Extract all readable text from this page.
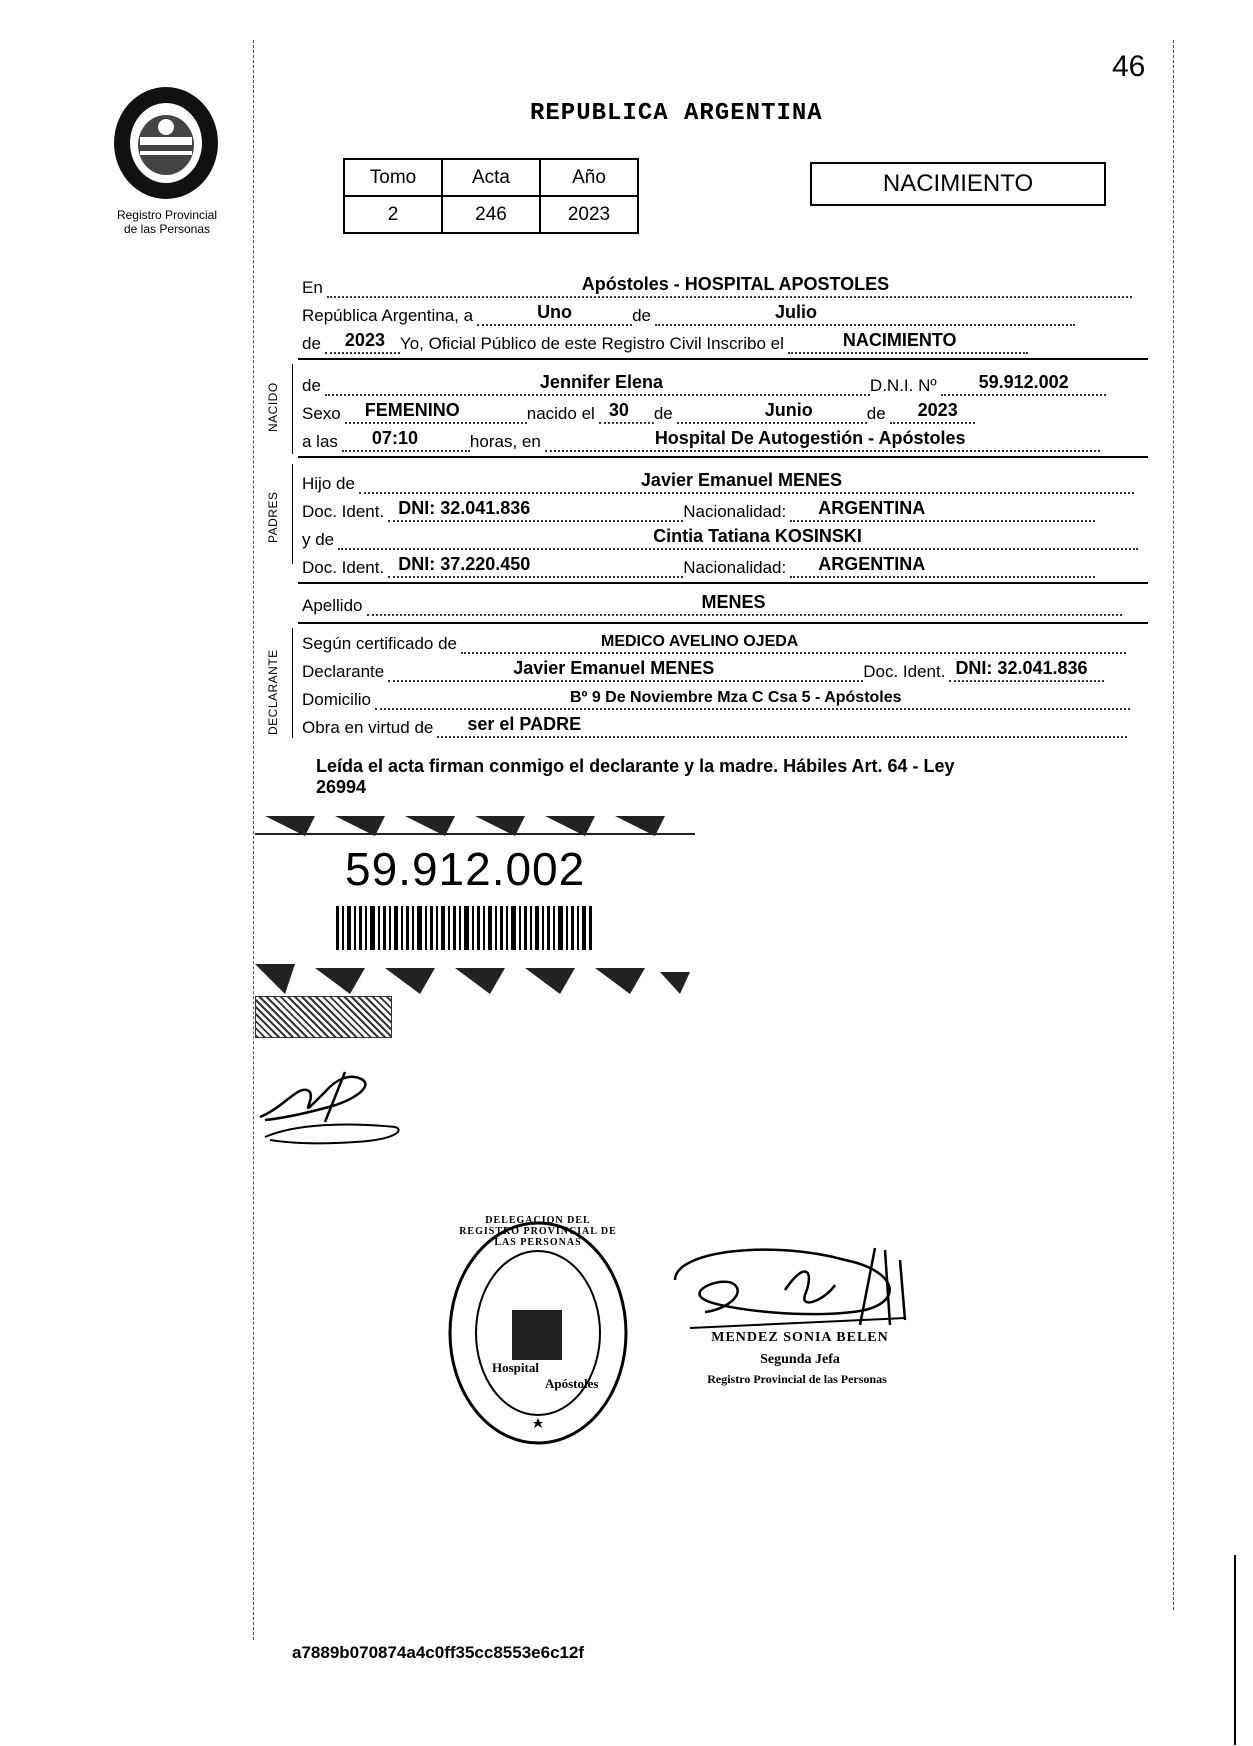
46
Registro Provincial
de las Personas
REPUBLICA ARGENTINA
Tomo	Acta	Año
2	246	2023
NACIMIENTO
En	Apóstoles - HOSPITAL APOSTOLES
República Argentina, a	Uno	de	Julio
de 2023 Yo, Oficial Público de este Registro Civil Inscribo el	NACIMIENTO
NACIDO de	Jennifer Elena	D.N.I. Nº 59.912.002
Sexo FEMENINO	nacido el 30 de	Junio	de 2023
a las 07:10	horas, en	Hospital De Autogestión - Apóstoles
PADRES
Hijo de	Javier Emanuel MENES
Doc. Ident. DNI: 32.041.836	Nacionalidad: ARGENTINA
y de	Cintia Tatiana KOSINSKI
Doc. Ident. DNI: 37.220.450	Nacionalidad: ARGENTINA
Apellido	MENES
DECLARANTE
Según certificado de	MEDICO AVELINO OJEDA
Declarante	Javier Emanuel MENES	Doc. Ident. DNI: 32.041.836
Domicilio	Bº 9 De Noviembre Mza C Csa 5 - Apóstoles
Obra en virtud de ser el PADRE
Leída el acta firman conmigo el declarante y la madre. Hábiles Art. 64 - Ley
26994
59.912.002
DELEGACION DEL REGISTRO PROVINCIAL DE LAS PERSONAS
Hospital
Apóstoles
MENDEZ SONIA BELEN
Segunda Jefa
Registro Provincial de las Personas
a7889b070874a4c0ff35cc8553e6c12f
